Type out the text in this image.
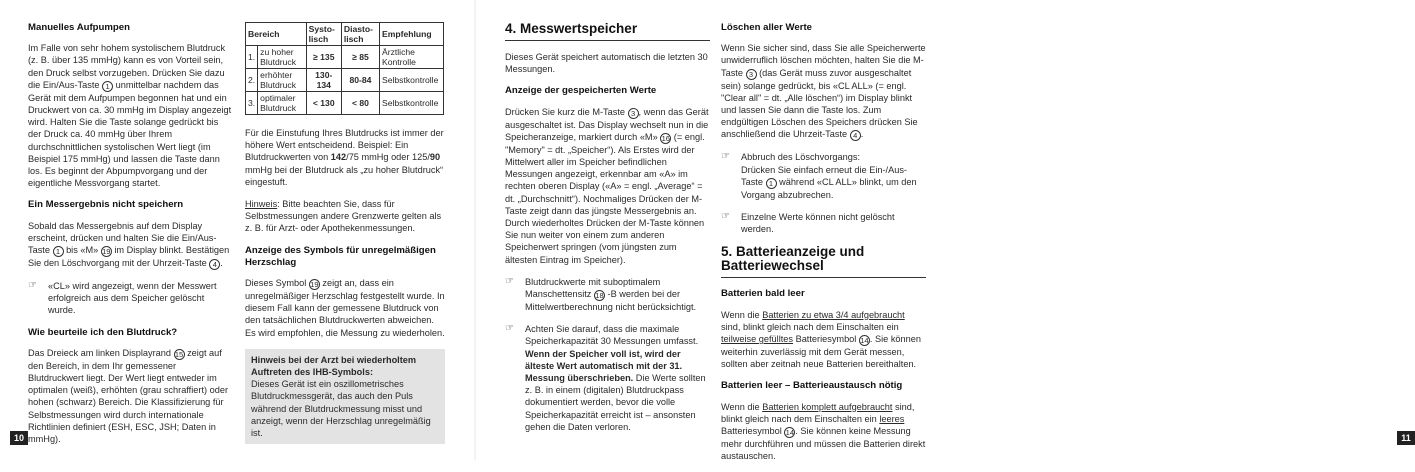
Manuelles Aufpumpen

Im Falle von sehr hohem systolischem Blutdruck (z. B. über 135 mmHg) kann es von Vorteil sein, den Druck selbst vorzugeben. Drücken Sie dazu die Ein/Aus-Taste 1 unmittelbar nachdem das Gerät mit dem Aufpumpen begonnen hat und ein Druckwert von ca. 30 mmHg im Display angezeigt wird. Halten Sie die Taste solange gedrückt bis der Druck ca. 40 mmHg über Ihrem durchschnittlichen systolischen Wert liegt (im Beispiel 175 mmHg) und lassen die Taste dann los. Es beginnt der Abpumpvorgang und der eigentliche Messvorgang startet.

Ein Messergebnis nicht speichern

Sobald das Messergebnis auf dem Display erscheint, drücken und halten Sie die Ein/Aus-Taste 1 bis «M» 19 im Display blinkt. Bestätigen Sie den Löschvorgang mit der Uhrzeit-Taste 4 .

☞ «CL» wird angezeigt, wenn der Messwert erfolgreich aus dem Speicher gelöscht wurde.
Wie beurteile ich den Blutdruck?

Das Dreieck am linken Displayrand 15 zeigt auf den Bereich, in dem Ihr gemessener Blutdruckwert liegt. Der Wert liegt entweder im optimalen (weiß), erhöhten (grau schraffiert) oder hohen (schwarz) Bereich. Die Klassifizierung für Selbstmessungen wird durch internationale Richtlinien definiert (ESH, ESC, JSH; Daten in mmHg).

Bereich		Systo-lisch	Diasto-lisch	Empfehlung
1.	zu hoher Blutdruck	≥ 135	≥ 85	Ärztliche Kontrolle
2.	erhöhter Blutdruck	130-134	80-84	Selbstkontrolle
3.	optimaler Blutdruck	< 130	< 80	Selbstkontrolle

Für die Einstufung Ihres Blutdrucks ist immer der höhere Wert entscheidend. Beispiel: Ein Blutdruckwerten von 142/75 mmHg oder 125/90 mmHg bei der Blutdruck als „zu hoher Blutdruck“ eingestuft.

Hinweis: Bitte beachten Sie, dass für Selbstmessungen andere Grenzwerte gelten als z. B. für Arzt- oder Apothekenmessungen.

Anzeige des Symbols für unregelmäßigen Herzschlag

Dieses Symbol 19 zeigt an, dass ein unregelmäßiger Herzschlag festgestellt wurde. In diesem Fall kann der gemessene Blutdruck von den tatsächlichen Blutdruckwerten abweichen. Es wird empfohlen, die Messung zu wiederholen.

Hinweis bei der Arzt bei wiederholtem Auftreten des IHB-Symbols:
Dieses Gerät ist ein oszillometrisches Blutdruckmessgerät, das auch den Puls während der Blutdruckmessung misst und anzeigt, wenn der Herzschlag unregelmäßig ist.
10
4. Messwertspeicher

Dieses Gerät speichert automatisch die letzten 30 Messungen.

Anzeige der gespeicherten Werte

Drücken Sie kurz die M-Taste 3 , wenn das Gerät ausgeschaltet ist. Das Display wechselt nun in die Speicheranzeige, markiert durch «M» 16 (= engl. "Memory" = dt. „Speicher“). Als Erstes wird der Mittelwert aller im Speicher befindlichen Messungen angezeigt, erkennbar am «A» im rechten oberen Display («A» = engl. „Average“ = dt. „Durchschnitt“). Nochmaliges Drücken der M-Taste zeigt dann das jüngste Messergebnis an. Durch wiederholtes Drücken der M-Taste können Sie nun weiter von einem zum anderen Speicherwert springen (vom jüngsten zum ältesten Eintrag im Speicher).

☞ Blutdruckwerte mit suboptimalem Manschettensitz 18 -B werden bei der Mittelwertberechnung nicht berücksichtigt.
☞ Achten Sie darauf, dass die maximale Speicherkapazität 30 Messungen umfasst. Wenn der Speicher voll ist, wird der älteste Wert automatisch mit der 31. Messung überschrieben. Die Werte sollten z. B. in einem (digitalen) Blutdruckpass dokumentiert werden, bevor die volle Speicherkapazität erreicht ist – ansonsten gehen die Daten verloren.
Löschen aller Werte

Wenn Sie sicher sind, dass Sie alle Speicherwerte unwiderruflich löschen möchten, halten Sie die M-Taste 3 (das Gerät muss zuvor ausgeschaltet sein) solange gedrückt, bis «CL ALL» (= engl. "Clear all" = dt. „Alle löschen“) im Display blinkt und lassen Sie dann die Taste los. Zum endgültigen Löschen des Speichers drücken Sie anschließend die Uhrzeit-Taste 4 .

☞ Abbruch des Löschvorgangs:
Drücken Sie einfach erneut die Ein-/Aus-Taste 1 während «CL ALL» blinkt, um den Vorgang abzubrechen.
☞ Einzelne Werte können nicht gelöscht werden.
5. Batterieanzeige und Batteriewechsel
Batterien bald leer

Wenn die Batterien zu etwa 3/4 aufgebraucht sind, blinkt gleich nach dem Einschalten ein teilweise gefülltes Batteriesymbol 14. Sie können weiterhin zuverlässig mit dem Gerät messen, sollten aber zeitnah neue Batterien bereithalten.

Batterien leer – Batterieaustausch nötig

Wenn die Batterien komplett aufgebraucht sind, blinkt gleich nach dem Einschalten ein leeres Batteriesymbol 14. Sie können keine Messung mehr durchführen und müssen die Batterien direkt austauschen.

11
